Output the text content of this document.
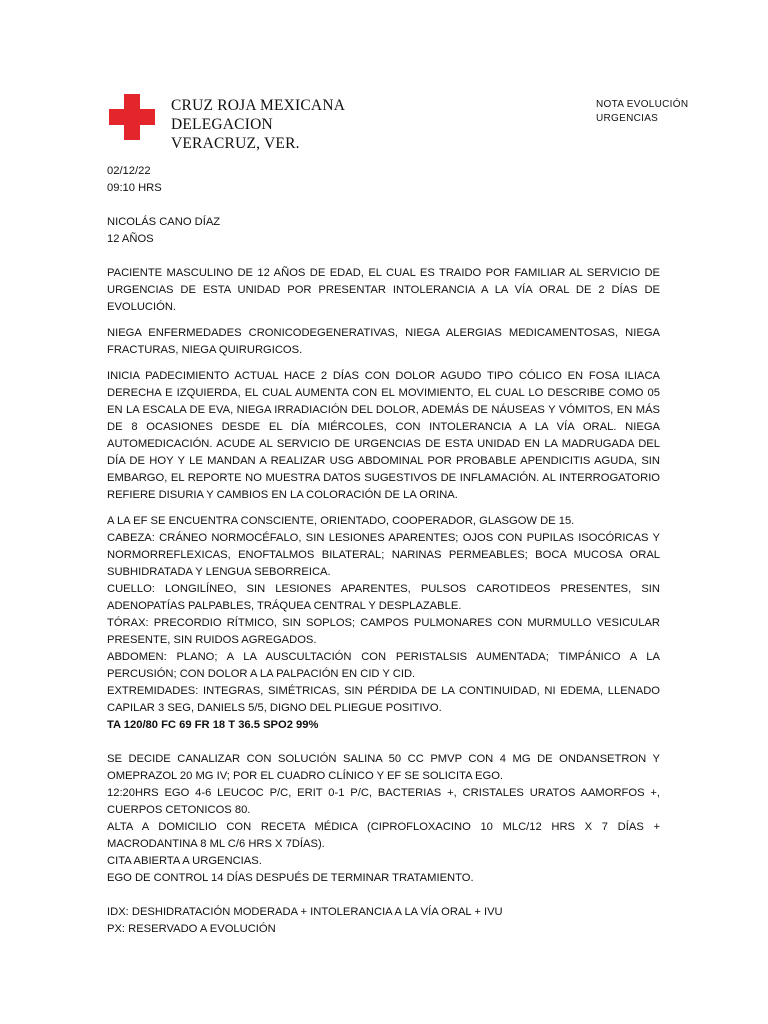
CRUZ ROJA MEXICANA
DELEGACION
VERACRUZ, VER.
NOTA EVOLUCIÓN
URGENCIAS

02/12/22

09:10 HRS

NICOLÁS CANO DÍAZ

12 AÑOS

PACIENTE MASCULINO DE 12 AÑOS DE EDAD, EL CUAL ES TRAIDO POR FAMILIAR AL SERVICIO DE URGENCIAS DE ESTA UNIDAD POR PRESENTAR INTOLERANCIA A LA VÍA ORAL DE 2 DÍAS DE EVOLUCIÓN.

NIEGA ENFERMEDADES CRONICODEGENERATIVAS, NIEGA ALERGIAS MEDICAMENTOSAS, NIEGA FRACTURAS, NIEGA QUIRURGICOS.

INICIA PADECIMIENTO ACTUAL HACE 2 DÍAS CON DOLOR AGUDO TIPO CÓLICO EN FOSA ILIACA DERECHA E IZQUIERDA, EL CUAL AUMENTA CON EL MOVIMIENTO, EL CUAL LO DESCRIBE COMO 05 EN LA ESCALA DE EVA, NIEGA IRRADIACIÓN DEL DOLOR, ADEMÁS DE NÁUSEAS Y VÓMITOS, EN MÁS DE 8 OCASIONES DESDE EL DÍA MIÉRCOLES, CON INTOLERANCIA A LA VÍA ORAL. NIEGA AUTOMEDICACIÓN. ACUDE AL SERVICIO DE URGENCIAS DE ESTA UNIDAD EN LA MADRUGADA DEL DÍA DE HOY Y LE MANDAN A REALIZAR USG ABDOMINAL POR PROBABLE APENDICITIS AGUDA, SIN EMBARGO, EL REPORTE NO MUESTRA DATOS SUGESTIVOS DE INFLAMACIÓN. AL INTERROGATORIO REFIERE DISURIA Y CAMBIOS EN LA COLORACIÓN DE LA ORINA.

A LA EF SE ENCUENTRA CONSCIENTE, ORIENTADO, COOPERADOR, GLASGOW DE 15.

CABEZA: CRÁNEO NORMOCÉFALO, SIN LESIONES APARENTES; OJOS CON PUPILAS ISOCÓRICAS Y NORMORREFLEXICAS, ENOFTALMOS BILATERAL; NARINAS PERMEABLES; BOCA MUCOSA ORAL SUBHIDRATADA Y LENGUA SEBORREICA.

CUELLO: LONGILÍNEO, SIN LESIONES APARENTES, PULSOS CAROTIDEOS PRESENTES, SIN ADENOPATÍAS PALPABLES, TRÁQUEA CENTRAL Y DESPLAZABLE.

TÓRAX: PRECORDIO RÍTMICO, SIN SOPLOS; CAMPOS PULMONARES CON MURMULLO VESICULAR PRESENTE, SIN RUIDOS AGREGADOS.

ABDOMEN: PLANO; A LA AUSCULTACIÓN CON PERISTALSIS AUMENTADA; TIMPÁNICO A LA PERCUSIÓN; CON DOLOR A LA PALPACIÓN EN CID Y CID.

EXTREMIDADES: INTEGRAS, SIMÉTRICAS, SIN PÉRDIDA DE LA CONTINUIDAD, NI EDEMA, LLENADO CAPILAR 3 SEG, DANIELS 5/5, DIGNO DEL PLIEGUE POSITIVO.

TA 120/80 FC 69 FR 18 T 36.5 SPO2 99%

SE DECIDE CANALIZAR CON SOLUCIÓN SALINA 50 CC PMVP CON 4 MG DE ONDANSETRON Y OMEPRAZOL 20 MG IV; POR EL CUADRO CLÍNICO Y EF SE SOLICITA EGO.

12:20HRS EGO 4-6 LEUCOC P/C, ERIT 0-1 P/C, BACTERIAS +, CRISTALES URATOS AAMORFOS +, CUERPOS CETONICOS 80.

ALTA A DOMICILIO CON RECETA MÉDICA (CIPROFLOXACINO 10 MLC/12 HRS X 7 DÍAS + MACRODANTINA 8 ML C/6 HRS X 7DÍAS).

CITA ABIERTA A URGENCIAS.

EGO DE CONTROL 14 DÍAS DESPUÉS DE TERMINAR TRATAMIENTO.

IDX: DESHIDRATACIÓN MODERADA + INTOLERANCIA A LA VÍA ORAL + IVU

PX: RESERVADO A EVOLUCIÓN
